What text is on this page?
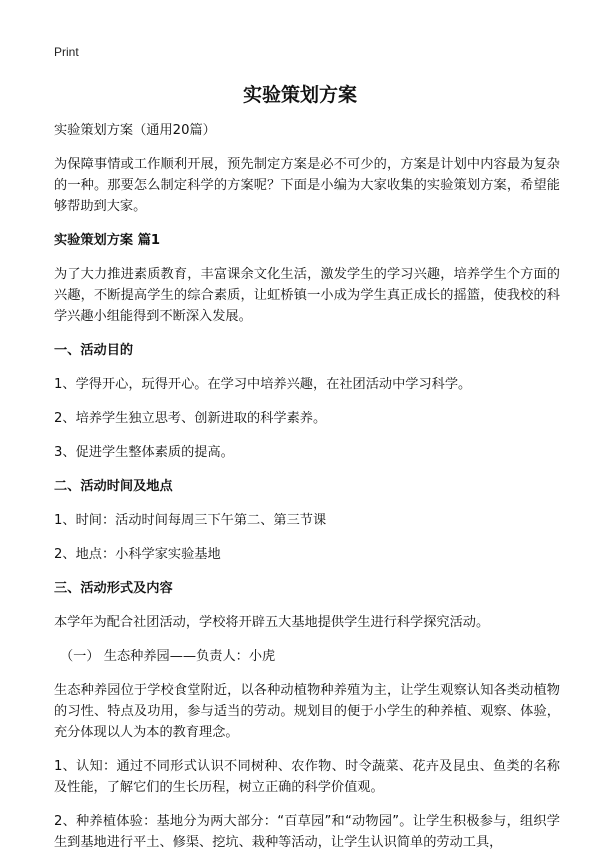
Print
实验策划方案
实验策划方案（通用20篇）
为保障事情或工作顺利开展，预先制定方案是必不可少的，方案是计划中内容最为复杂的一种。那要怎么制定科学的方案呢？下面是小编为大家收集的实验策划方案，希望能够帮助到大家。
实验策划方案 篇1
为了大力推进素质教育，丰富课余文化生活，激发学生的学习兴趣，培养学生个方面的兴趣，不断提高学生的综合素质，让虹桥镇一小成为学生真正成长的摇篮，使我校的科学兴趣小组能得到不断深入发展。
一、活动目的
1、学得开心，玩得开心。在学习中培养兴趣，在社团活动中学习科学。
2、培养学生独立思考、创新进取的科学素养。
3、促进学生整体素质的提高。
二、活动时间及地点
1、时间：活动时间每周三下午第二、第三节课
2、地点：小科学家实验基地
三、活动形式及内容
本学年为配合社团活动，学校将开辟五大基地提供学生进行科学探究活动。
（一） 生态种养园——负责人：小虎
生态种养园位于学校食堂附近，以各种动植物种养殖为主，让学生观察认知各类动植物的习性、特点及功用，参与适当的劳动。规划目的便于小学生的种养植、观察、体验，充分体现以人为本的教育理念。
1、认知：通过不同形式认识不同树种、农作物、时令蔬菜、花卉及昆虫、鱼类的名称及性能，了解它们的生长历程，树立正确的科学价值观。
2、种养植体验：基地分为两大部分：“百草园”和“动物园”。让学生积极参与，组织学生到基地进行平土、修渠、挖坑、栽种等活动，让学生认识简单的劳动工具，
